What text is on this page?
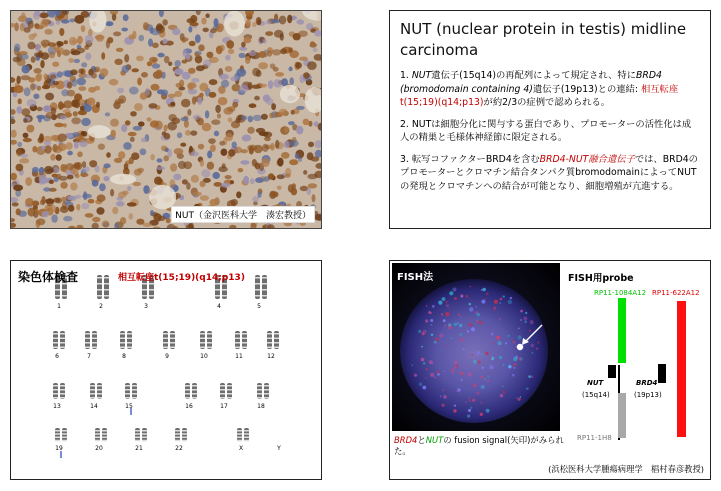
NUT（金沢医科大学　湊宏教授）
NUT (nuclear protein in testis) midline carcinoma
1. NUT遺伝子(15q14)の再配列によって規定され、特にBRD4 (bromodomain containing 4)遺伝子(19p13)との連結: 相互転座t(15;19)(q14;p13)が約2/3の症例で認められる。
2. NUTは細胞分化に関与する蛋白であり、プロモーターの活性化は成人の精巣と毛様体神経節に限定される。
3. 転写コファクターBRD4を含むBRD4-NUT融合遺伝子では、BRD4のプロモーターとクロマチン結合タンパク質bromodomainによってNUTの発現とクロマチンへの結合が可能となり、細胞増殖が亢進する。
1	2	3	4	5
6	7	8	9	10	11	12
13	14	15	16	17	18
19	20	21	22	X	Y
染色体検査	相互転座t(15;19)(q14;p13)	FISH法
BRD4とNUTの fusion signal(矢印)がみられた。
FISH用probe
RP11-1084A12 RP11-622A12
RP11-1H8
NUT
(15q14)
BRD4
(19p13)
(浜松医科大学腫瘍病理学　椙村春彦教授)
